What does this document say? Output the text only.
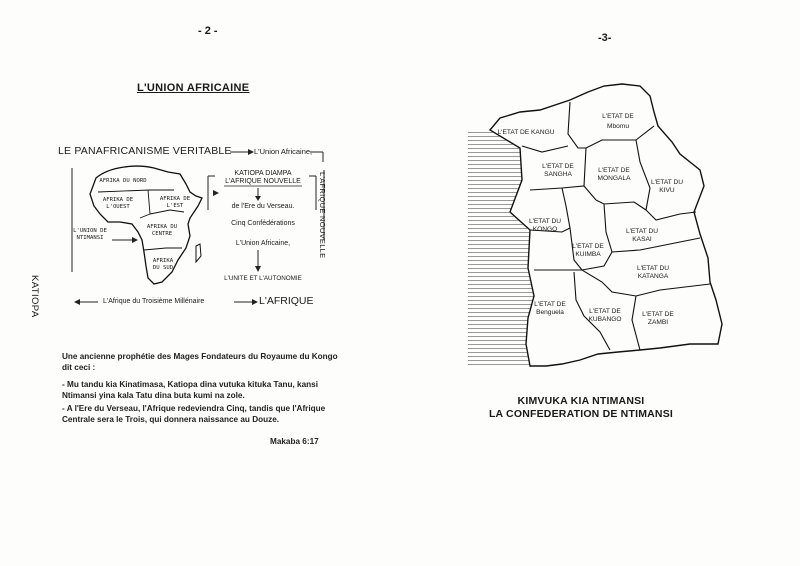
- 2 -
L'UNION AFRICAINE
LE PANAFRICANISME VERITABLE	L'Union Africaine,
KATIOPA
L'AFRIQUE NOUVELLE
L'Afrique du Troisième Millénaire	L'AFRIQUE
AFRIKA DU NORD
AFRIKA DE L'OUEST
AFRIKA DE L'EST
AFRIKA DU CENTRE
AFRIKA DU SUD
L'UNION DE NTIMANSI
KATIOPA DIAMPA
L'AFRIQUE NOUVELLE
de l'Ere du Verseau.
Cinq Confédérations
L'Union Africaine,
L'UNITE ET L'AUTONOMIE
Une ancienne prophétie des Mages Fondateurs du Royaume du Kongo dit ceci :
- Mu tandu kia Kinatimasa, Katiopa dina vutuka kituka Tanu, kansi Ntimansi yina kala Tatu dina buta kumi na zole.
- A l'Ere du Verseau, l'Afrique redeviendra Cinq, tandis que l'Afrique Centrale sera le Trois, qui donnera naissance au Douze.
Makaba 6:17
-3-
L'ETAT DE KANGU
L'ETAT DE Mbomu
L'ETAT DE SANGHA
L'ETAT DE MONGALA
L'ETAT DU KIVU
L'ETAT DU KONGO
L'ETAT DE KUIMBA
L'ETAT DU KASAI
L'ETAT DU KATANGA
L'ETAT DE Benguela	L'ETAT DE KUBANGO
L'ETAT DE ZAMBI
KIMVUKA KIA NTIMANSI
LA CONFEDERATION DE NTIMANSI
